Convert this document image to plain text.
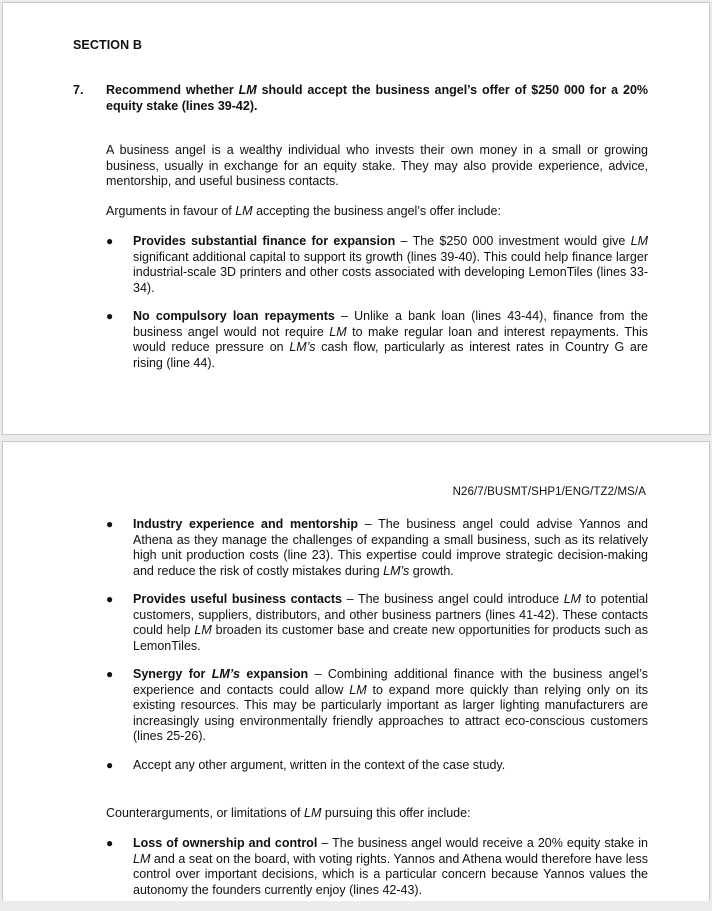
SECTION B
7. Recommend whether LM should accept the business angel’s offer of $250 000 for a 20% equity stake (lines 39-42).
A business angel is a wealthy individual who invests their own money in a small or growing business, usually in exchange for an equity stake. They may also provide experience, advice, mentorship, and useful business contacts.
Arguments in favour of LM accepting the business angel’s offer include:
● Provides substantial finance for expansion – The $250 000 investment would give LM significant additional capital to support its growth (lines 39-40). This could help finance larger industrial-scale 3D printers and other costs associated with developing LemonTiles (lines 33-34).
● No compulsory loan repayments – Unlike a bank loan (lines 43-44), finance from the business angel would not require LM to make regular loan and interest repayments. This would reduce pressure on LM’s cash flow, particularly as interest rates in Country G are rising (line 44).
N26/7/BUSMT/SHP1/ENG/TZ2/MS/A
● Industry experience and mentorship – The business angel could advise Yannos and Athena as they manage the challenges of expanding a small business, such as its relatively high unit production costs (line 23). This expertise could improve strategic decision-making and reduce the risk of costly mistakes during LM’s growth.
● Provides useful business contacts – The business angel could introduce LM to potential customers, suppliers, distributors, and other business partners (lines 41-42). These contacts could help LM broaden its customer base and create new opportunities for products such as LemonTiles.
● Synergy for LM’s expansion – Combining additional finance with the business angel’s experience and contacts could allow LM to expand more quickly than relying only on its existing resources. This may be particularly important as larger lighting manufacturers are increasingly using environmentally friendly approaches to attract eco-conscious customers (lines 25-26).
● Accept any other argument, written in the context of the case study.
Counterarguments, or limitations of LM pursuing this offer include:
● Loss of ownership and control – The business angel would receive a 20% equity stake in LM and a seat on the board, with voting rights. Yannos and Athena would therefore have less control over important decisions, which is a particular concern because Yannos values the autonomy the founders currently enjoy (lines 42-43).
